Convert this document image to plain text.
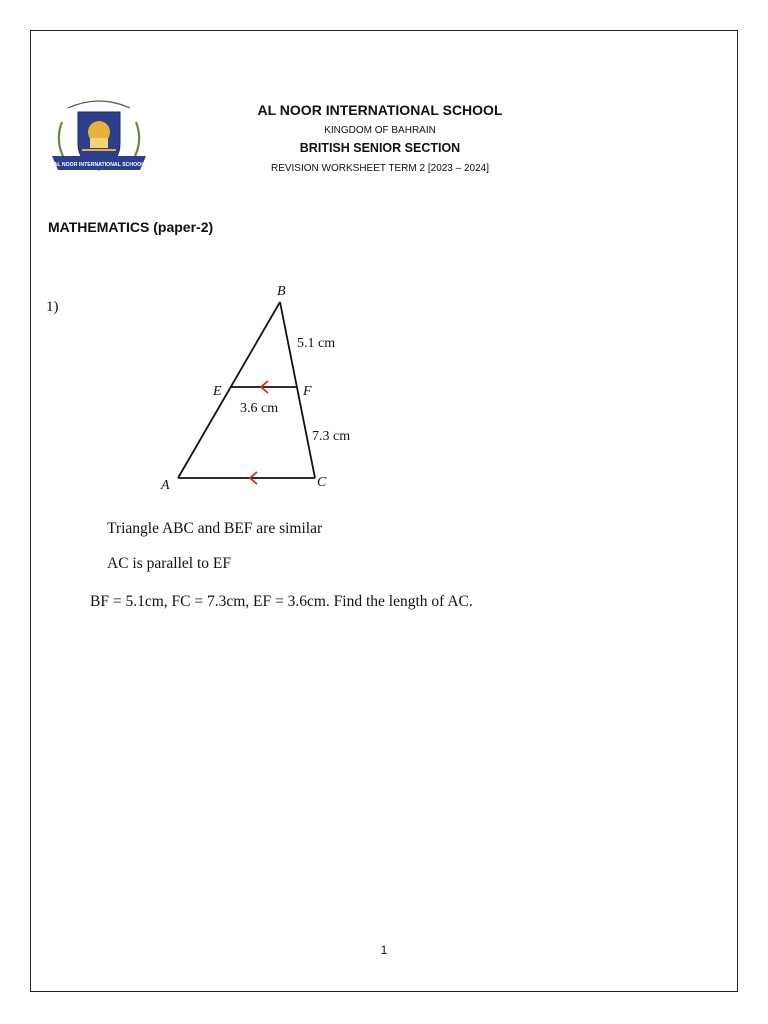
AL NOOR INTERNATIONAL SCHOOL
AL NOOR INTERNATIONAL SCHOOL
KINGDOM OF BAHRAIN
BRITISH SENIOR SECTION
REVISION WORKSHEET TERM 2 [2023 – 2024]
MATHEMATICS (paper-2)
1)
B
E	F
A	C
5.1 cm
3.6 cm
7.3 cm
Triangle ABC and BEF are similar
AC is parallel to EF
BF = 5.1cm, FC = 7.3cm, EF = 3.6cm. Find the length of AC.
1
